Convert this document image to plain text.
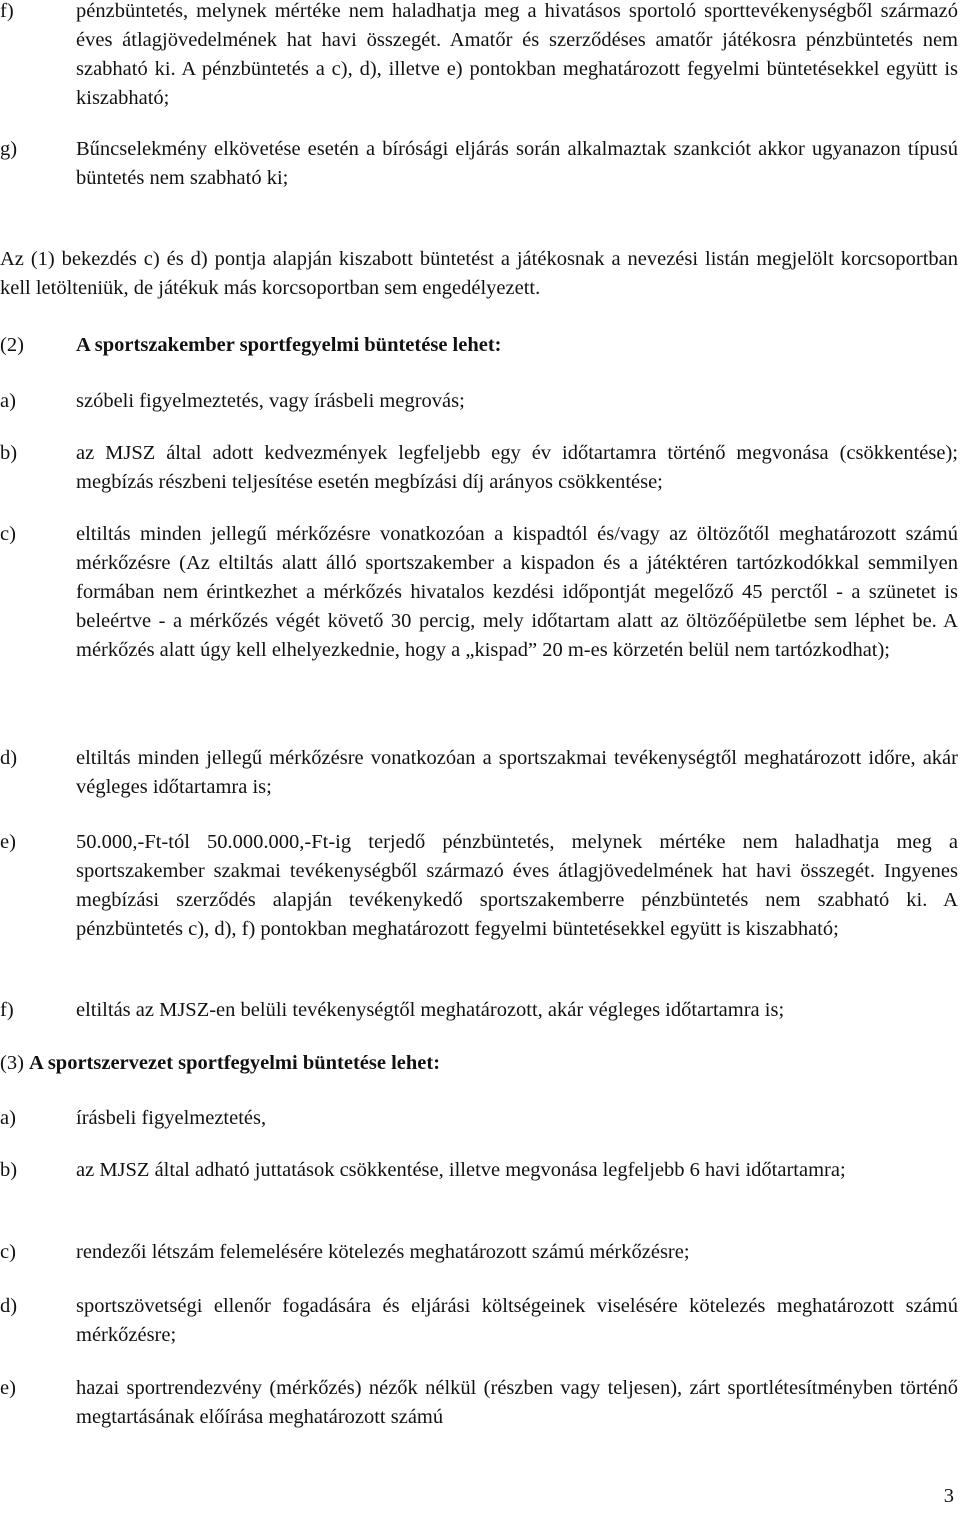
f)	pénzbüntetés, melynek mértéke nem haladhatja meg a hivatásos sportoló sporttevékenységből származó éves átlagjövedelmének hat havi összegét. Amatőr és szerződéses amatőr játékosra pénzbüntetés nem szabható ki. A pénzbüntetés a c), d), illetve e) pontokban meghatározott fegyelmi büntetésekkel együtt is kiszabható;
g)	Bűncselekmény elkövetése esetén a bírósági eljárás során alkalmaztak szankciót akkor ugyanazon típusú büntetés nem szabható ki;
Az (1) bekezdés c) és d) pontja alapján kiszabott büntetést a játékosnak a nevezési listán megjelölt korcsoportban kell letölteniük, de játékuk más korcsoportban sem engedélyezett.
(2)	A sportszakember sportfegyelmi büntetése lehet:
a)	szóbeli figyelmeztetés, vagy írásbeli megrovás;
b)	az MJSZ által adott kedvezmények legfeljebb egy év időtartamra történő megvonása (csökkentése); megbízás részbeni teljesítése esetén megbízási díj arányos csökkentése;
c)	eltiltás minden jellegű mérkőzésre vonatkozóan a kispadtól és/vagy az öltözőtől meghatározott számú mérkőzésre (Az eltiltás alatt álló sportszakember a kispadon és a játéktéren tartózkodókkal semmilyen formában nem érintkezhet a mérkőzés hivatalos kezdési időpontját megelőző 45 perctől - a szünetet is beleértve - a mérkőzés végét követő 30 percig, mely időtartam alatt az öltözőépületbe sem léphet be. A mérkőzés alatt úgy kell elhelyezkednie, hogy a „kispad” 20 m-es körzetén belül nem tartózkodhat);
d)	eltiltás minden jellegű mérkőzésre vonatkozóan a sportszakmai tevékenységtől meghatározott időre, akár végleges időtartamra is;
e)	50.000,-Ft-tól 50.000.000,-Ft-ig terjedő pénzbüntetés, melynek mértéke nem haladhatja meg a sportszakember szakmai tevékenységből származó éves átlagjövedelmének hat havi összegét. Ingyenes megbízási szerződés alapján tevékenykedő sportszakemberre pénzbüntetés nem szabható ki. A pénzbüntetés c), d), f) pontokban meghatározott fegyelmi büntetésekkel együtt is kiszabható;
f)	eltiltás az MJSZ-en belüli tevékenységtől meghatározott, akár végleges időtartamra is;
(3) A sportszervezet sportfegyelmi büntetése lehet:
a)	írásbeli figyelmeztetés,
b)	az MJSZ által adható juttatások csökkentése, illetve megvonása legfeljebb 6 havi időtartamra;
c)	rendezői létszám felemelésére kötelezés meghatározott számú mérkőzésre;
d)	sportszövetségi ellenőr fogadására és eljárási költségeinek viselésére kötelezés meghatározott számú mérkőzésre;
e)	hazai sportrendezvény (mérkőzés) nézők nélkül (részben vagy teljesen), zárt sportlétesítményben történő megtartásának előírása meghatározott számú
3
